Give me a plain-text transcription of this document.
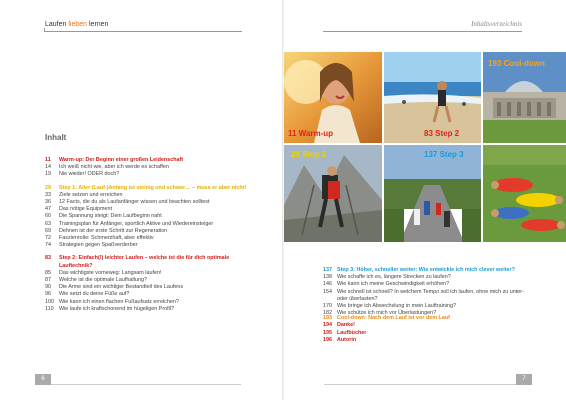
Laufen lieben lernen
Inhalt
11	Warm-up: Der Beginn einer großen Leidenschaft
14	Ich weiß nicht wie, aber ich werde es schaffen
19	Nie wieder! ODER doch?
29	Step 1: Aller (Lauf-)Anfang ist steinig und schwer… – muss er aber nicht!
33	Ziele setzen und erreichen
36	12 Facts, die du als Laufanfänger wissen und beachten solltest
47	Das nötige Equipment
60	Die Spannung steigt: Dein Laufbeginn naht
63	Trainingsplan für Anfänger, sportlich Aktive und Wiedereinsteiger
69	Dehnen ist der erste Schritt zur Regeneration
72	Faszienrolle: Schmerzhaft, aber effektiv
74	Strategien gegen Spaßverderber
83	Step 2: Einfach(!) leichter Laufen – welche ist die für dich optimale Lauftechnik?
85	Das wichtigste vorneweg: Langsam laufen!
87	Welche ist die optimale Laufhaltung?
90	Die Arme sind ein wichtiger Bestandteil des Laufens
96	Wie setzt du deine Füße auf?
100 Wie kann ich einen flachen Fußaufsatz erreichen?
110	Wie laufe ich kraftschonend im hügeligen Profil?
6
Inhaltsverzeichnis
11 Warm-up	83 Step 2
193 Cool-down
29 Step 1	137 Step 3
137 Step 3: Höher, schneller weiter: Wie entwickle ich mich clever weiter?
138 Wie schaffe ich es, längere Strecken zu laufen?
146 Wie kann ich meine Geschwindigkeit erhöhen?
154 Wie schnell ist schnell? In welchem Tempo soll ich laufen, ohne mich zu unter- oder überlasten?
170 Wie bringe ich Abwechslung in mein Lauftraining?
182 Wie schütze ich mich vor Überlastungen?
193 Cool-down: Nach dem Lauf ist vor dem Lauf
194 Danke!
195 Laufbücher
196 Autorin
7
